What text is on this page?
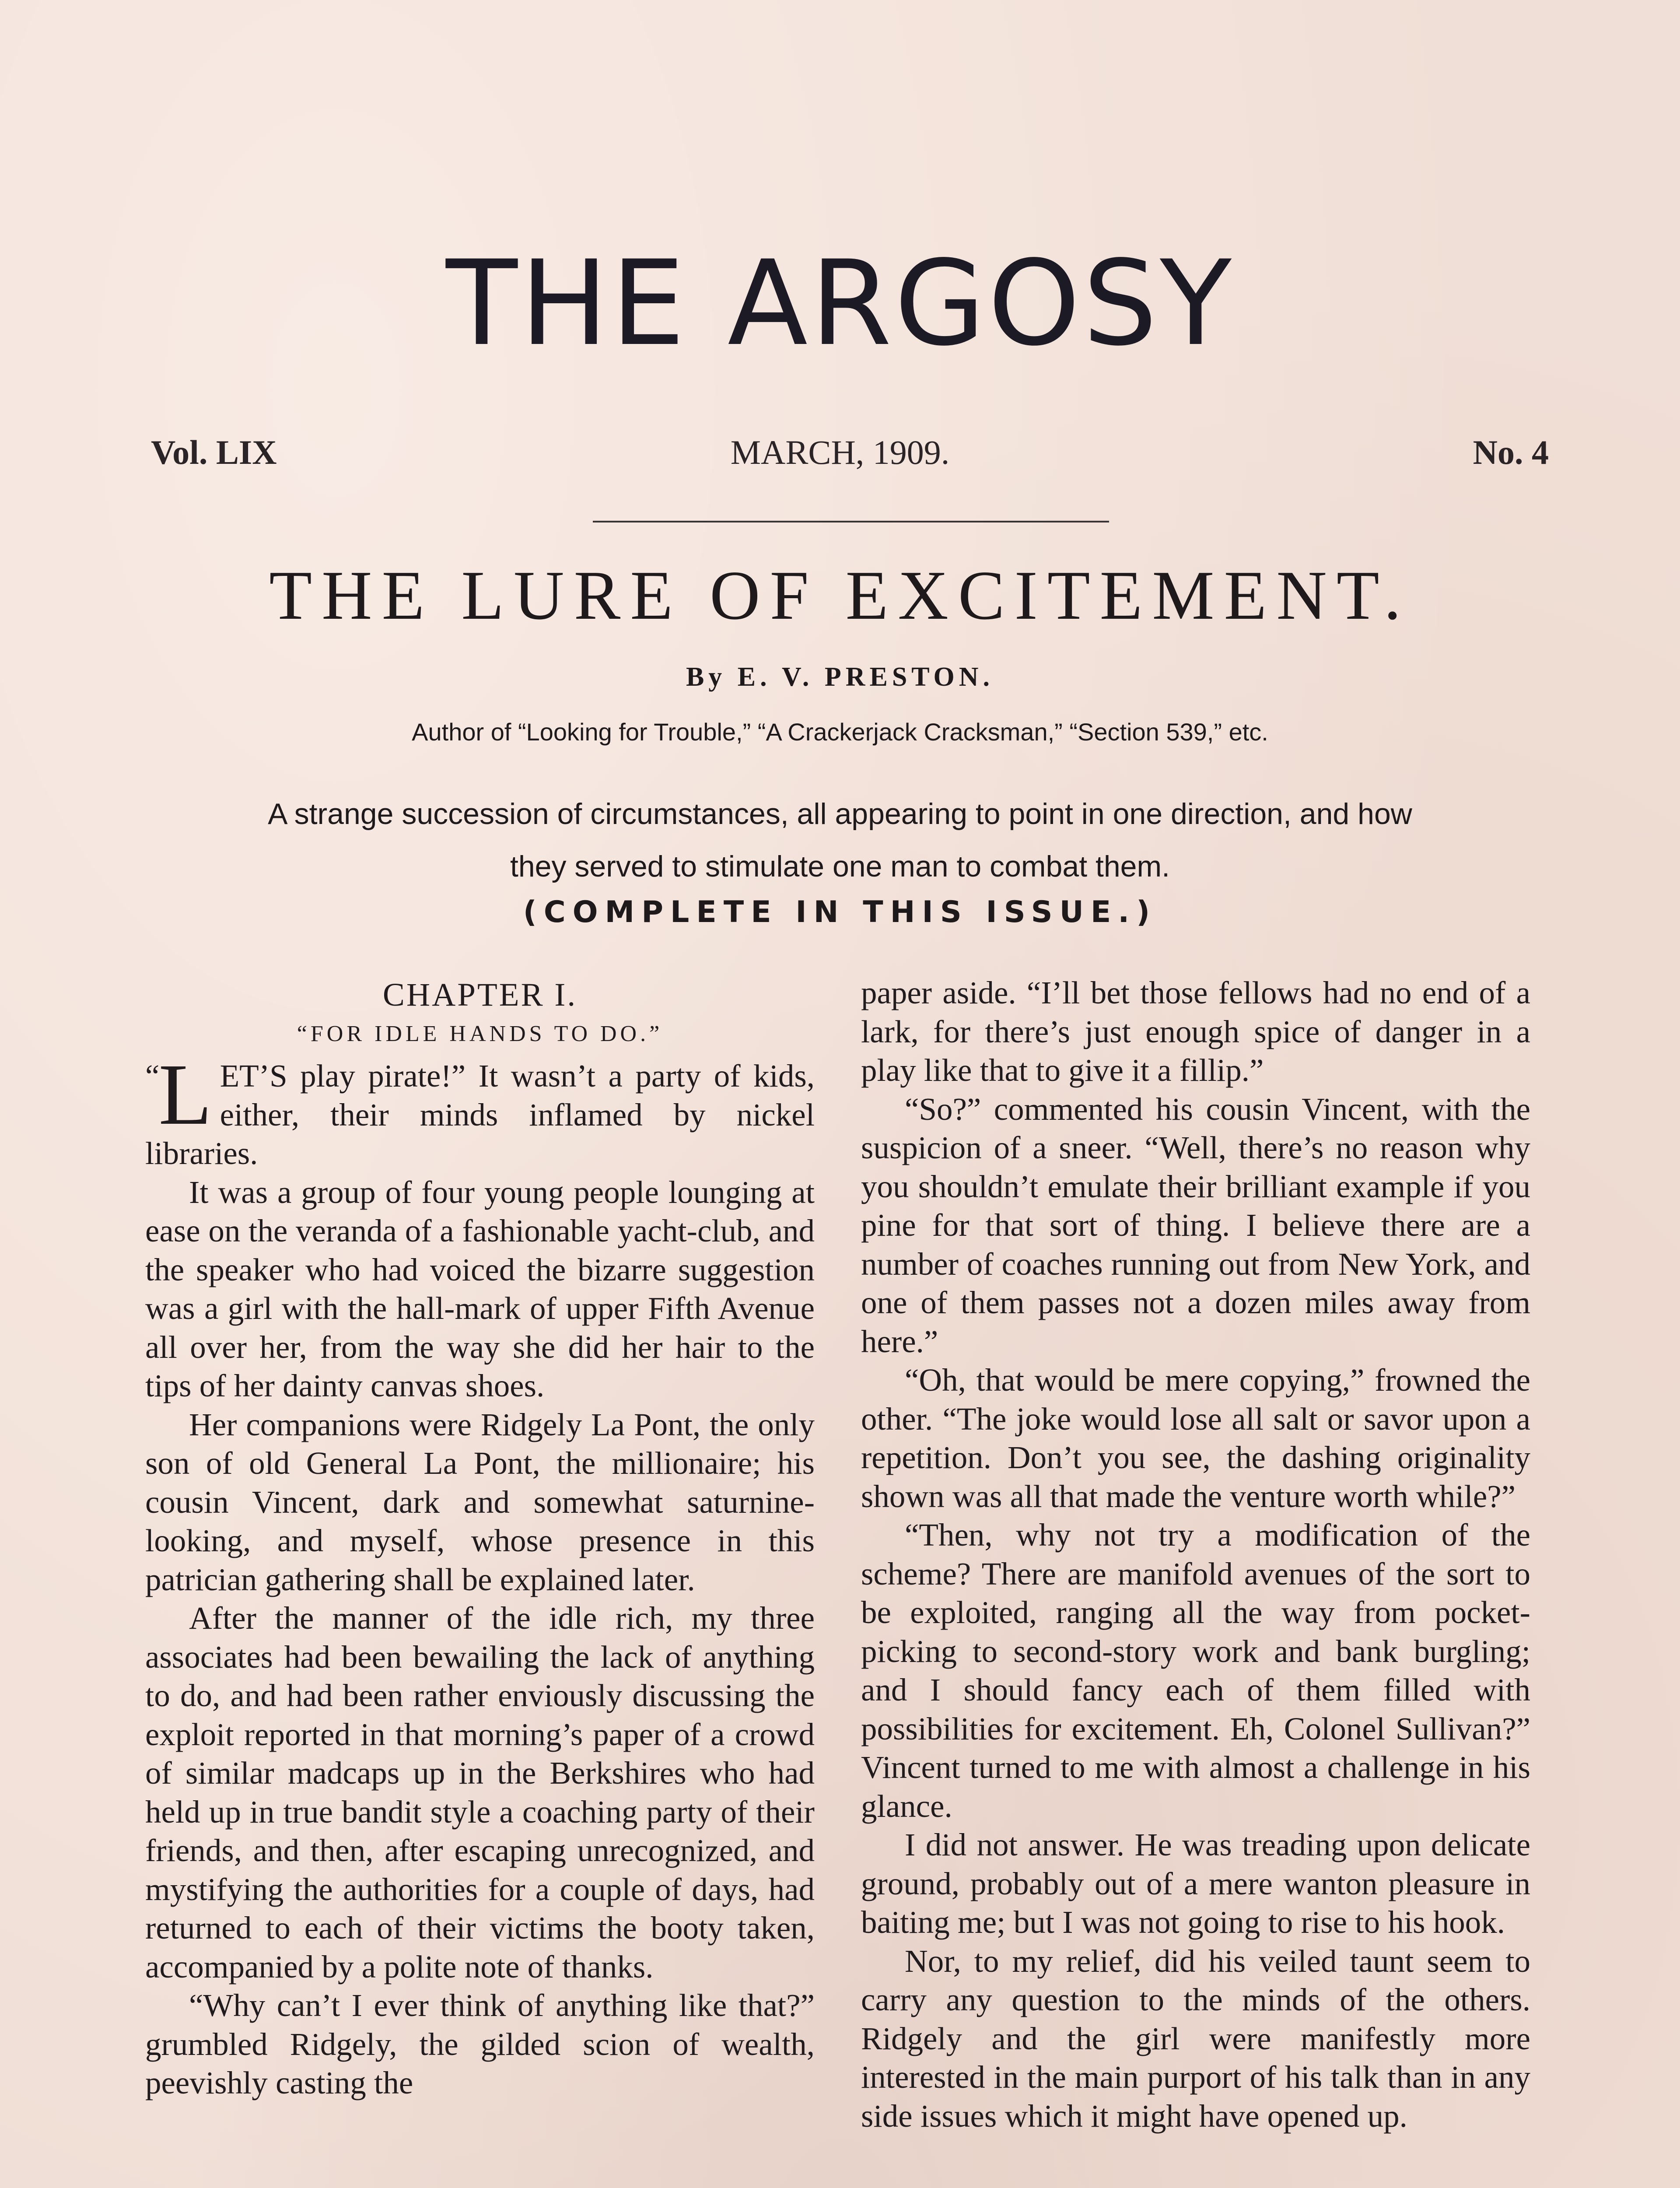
THE ARGOSY
Vol. LIX	MARCH, 1909.	No. 4
THE LURE OF EXCITEMENT.
By E. V. PRESTON.
Author of “Looking for Trouble,” “A Crackerjack Cracksman,” “Section 539,” etc.
A strange succession of circumstances, all appearing to point in one direction, and how they served to stimulate one man to combat them.
(COMPLETE IN THIS ISSUE.)
CHAPTER I.
“FOR IDLE HANDS TO DO.”

“
L ET’S play pirate!” It wasn’t a party of kids, either, their minds inflamed by nickel libraries.

It was a group of four young people lounging at ease on the veranda of a fashionable yacht-club, and the speaker who had voiced the bizarre suggestion was a girl with the hall-mark of upper Fifth Avenue all over her, from the way she did her hair to the tips of her dainty canvas shoes.

Her companions were Ridgely La Pont, the only son of old General La Pont, the millionaire; his cousin Vincent, dark and somewhat saturnine-looking, and myself, whose presence in this patrician gathering shall be explained later.

After the manner of the idle rich, my three associates had been bewailing the lack of anything to do, and had been rather enviously discussing the exploit reported in that morning’s paper of a crowd of similar madcaps up in the Berkshires who had held up in true bandit style a coaching party of their friends, and then, after escaping unrecognized, and mystifying the authorities for a couple of days, had returned to each of their victims the booty taken, accompanied by a polite note of thanks.

“Why can’t I ever think of anything like that?” grumbled Ridgely, the gilded scion of wealth, peevishly casting the

paper aside. “I’ll bet those fellows had no end of a lark, for there’s just enough spice of danger in a play like that to give it a fillip.”

“So?” commented his cousin Vincent, with the suspicion of a sneer. “Well, there’s no reason why you shouldn’t emulate their brilliant example if you pine for that sort of thing. I believe there are a number of coaches running out from New York, and one of them passes not a dozen miles away from here.”

“Oh, that would be mere copying,” frowned the other. “The joke would lose all salt or savor upon a repetition. Don’t you see, the dashing originality shown was all that made the venture worth while?”

“Then, why not try a modification of the scheme? There are manifold avenues of the sort to be exploited, ranging all the way from pocket-picking to second-story work and bank burgling; and I should fancy each of them filled with possibilities for excitement. Eh, Colonel Sullivan?” Vincent turned to me with almost a challenge in his glance.

I did not answer. He was treading upon delicate ground, probably out of a mere wanton pleasure in baiting me; but I was not going to rise to his hook.

Nor, to my relief, did his veiled taunt seem to carry any question to the minds of the others. Ridgely and the girl were manifestly more interested in the main purport of his talk than in any side issues which it might have opened up.
